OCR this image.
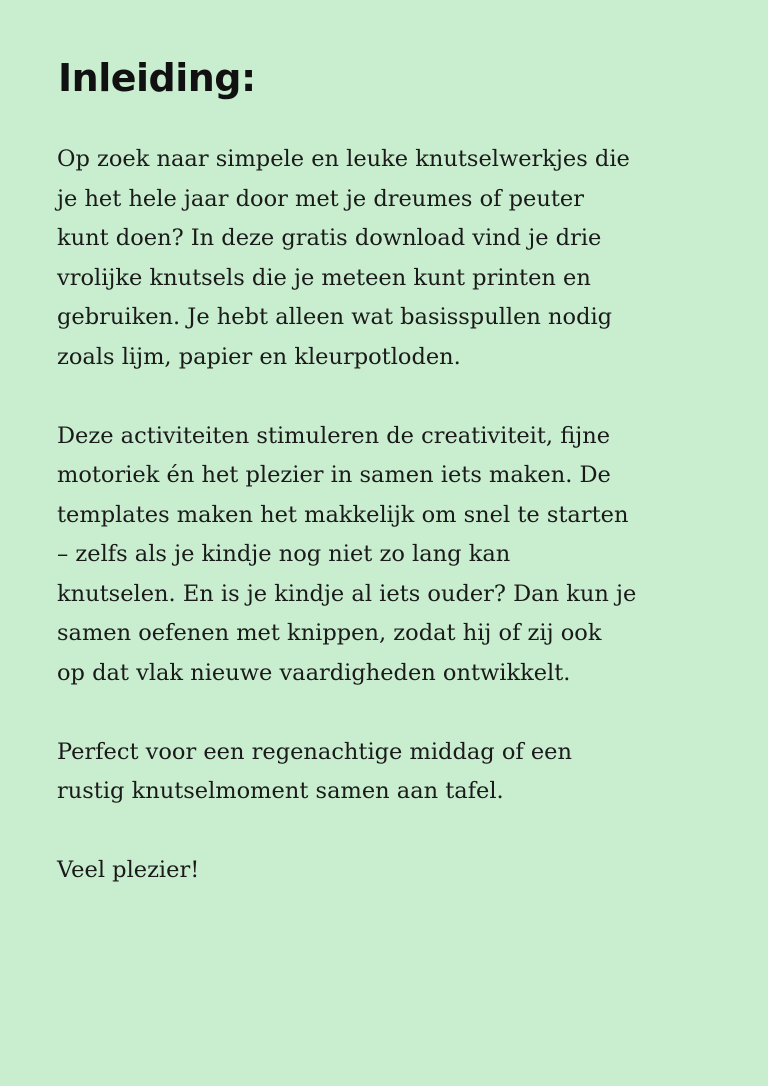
Inleiding:

Op zoek naar simpele en leuke knutselwerkjes die
je het hele jaar door met je dreumes of peuter
kunt doen? In deze gratis download vind je drie
vrolijke knutsels die je meteen kunt printen en
gebruiken. Je hebt alleen wat basisspullen nodig
zoals lijm, papier en kleurpotloden.

Deze activiteiten stimuleren de creativiteit, fijne
motoriek én het plezier in samen iets maken. De
templates maken het makkelijk om snel te starten
– zelfs als je kindje nog niet zo lang kan
knutselen. En is je kindje al iets ouder? Dan kun je
samen oefenen met knippen, zodat hij of zij ook
op dat vlak nieuwe vaardigheden ontwikkelt.

Perfect voor een regenachtige middag of een
rustig knutselmoment samen aan tafel.

Veel plezier!
